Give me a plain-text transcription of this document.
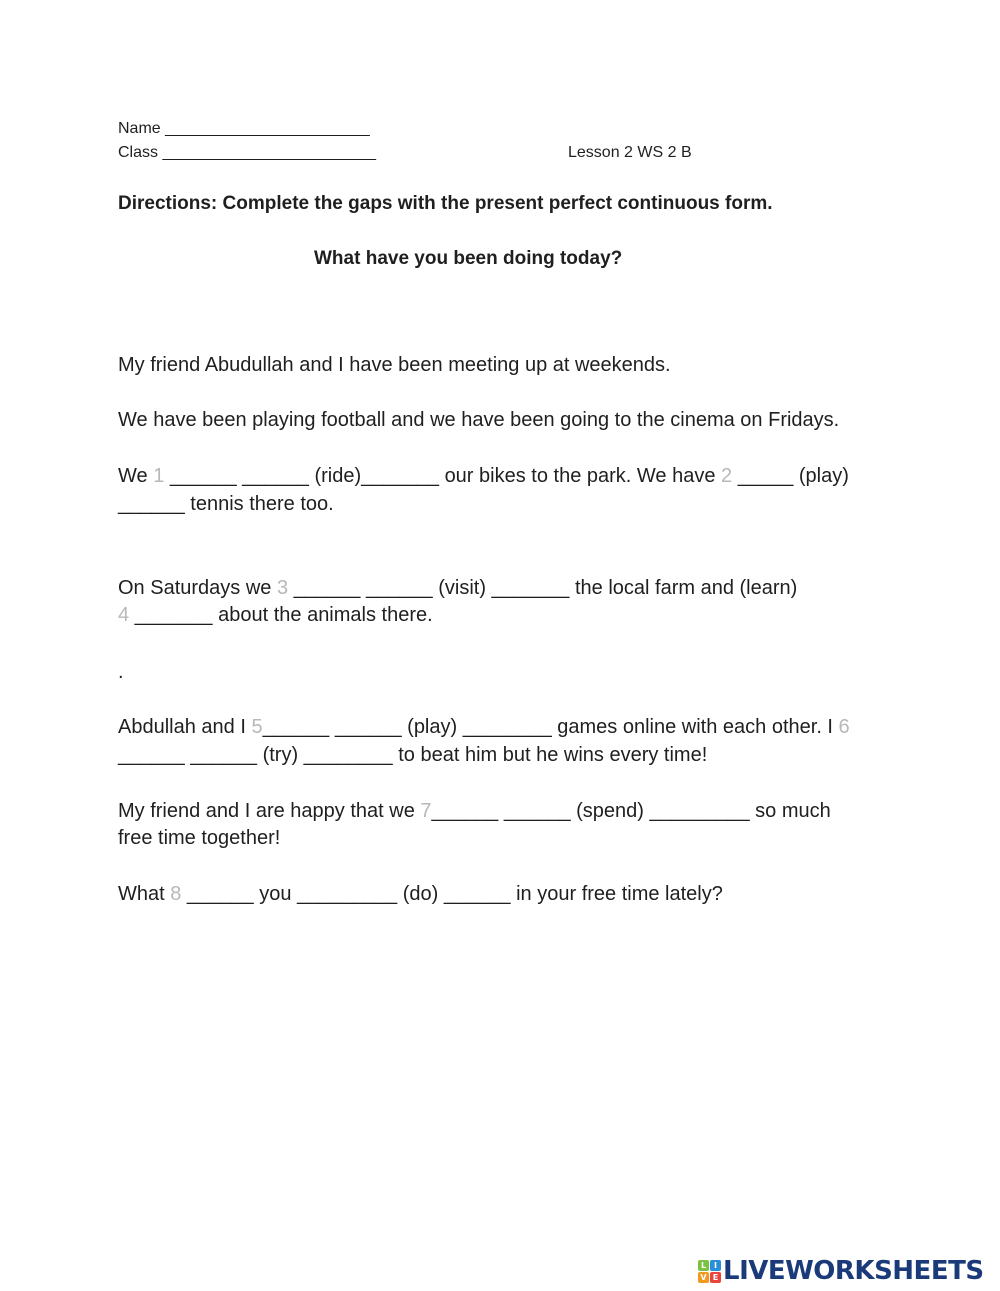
Name _______________________
Class ________________________	Lesson 2 WS 2 B
Directions: Complete the gaps with the present perfect continuous form.
What have you been doing today?
My friend Abudullah and I have been meeting up at weekends.
We have been playing football and we have been going to the cinema on Fridays.
We 1 ______ ______ (ride)_______ our bikes to the park. We have 2 _____ (play)
______ tennis there too.
On Saturdays we 3 ______ ______ (visit) _______ the local farm and (learn)
4 _______ about the animals there.
.
Abdullah and I 5______ ______ (play) ________ games online with each other. I 6
______ ______ (try) ________ to beat him but he wins every time!
My friend and I are happy that we 7______ ______ (spend) _________ so much
free time together!
What 8 ______ you _________ (do) ______ in your free time lately?
L I
V E LIVEWORKSHEETS
